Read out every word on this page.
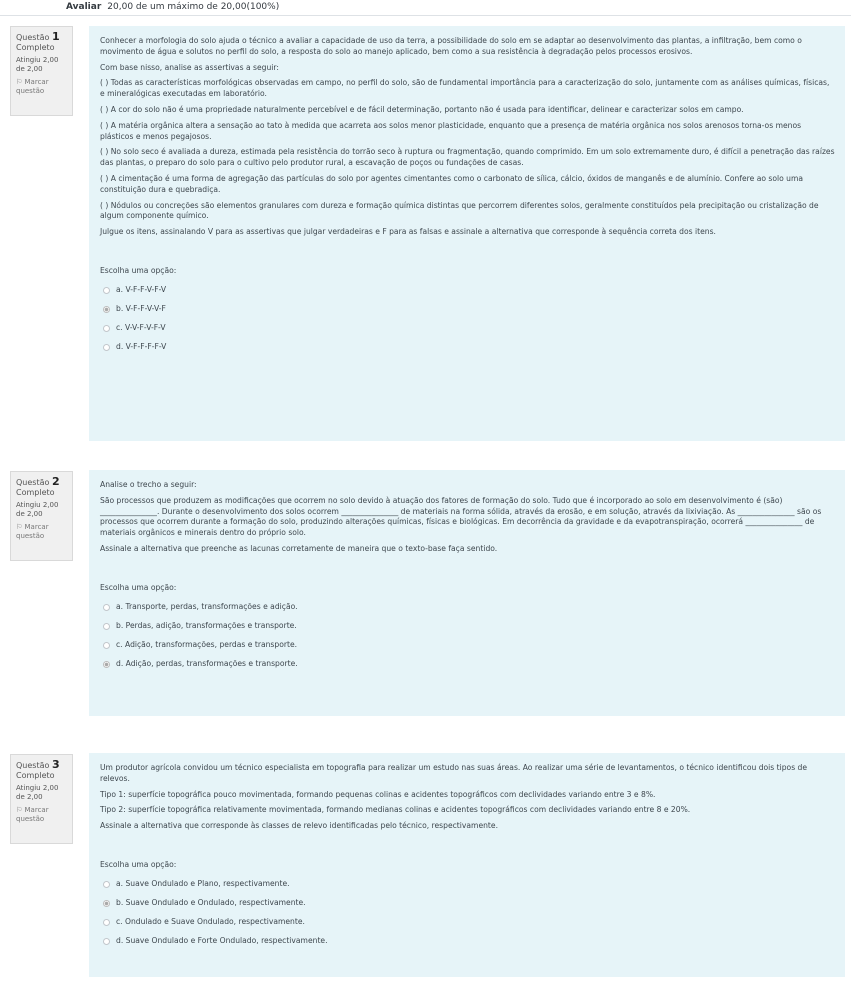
Avaliar 20,00 de um máximo de 20,00(100%)
Questão 1
Completo
Atingiu 2,00 de 2,00
⚐ Marcar questão

Conhecer a morfologia do solo ajuda o técnico a avaliar a capacidade de uso da terra, a possibilidade do solo em se adaptar ao desenvolvimento das plantas, a infiltração, bem como o movimento de água e solutos no perfil do solo, a resposta do solo ao manejo aplicado, bem como a sua resistência à degradação pelos processos erosivos.

Com base nisso, analise as assertivas a seguir:

( ) Todas as características morfológicas observadas em campo, no perfil do solo, são de fundamental importância para a caracterização do solo, juntamente com as análises químicas, físicas, e mineralógicas executadas em laboratório.

( ) A cor do solo não é uma propriedade naturalmente percebível e de fácil determinação, portanto não é usada para identificar, delinear e caracterizar solos em campo.

( ) A matéria orgânica altera a sensação ao tato à medida que acarreta aos solos menor plasticidade, enquanto que a presença de matéria orgânica nos solos arenosos torna-os menos plásticos e menos pegajosos.

( ) No solo seco é avaliada a dureza, estimada pela resistência do torrão seco à ruptura ou fragmentação, quando comprimido. Em um solo extremamente duro, é difícil a penetração das raízes das plantas, o preparo do solo para o cultivo pelo produtor rural, a escavação de poços ou fundações de casas.

( ) A cimentação é uma forma de agregação das partículas do solo por agentes cimentantes como o carbonato de sílica, cálcio, óxidos de manganês e de alumínio. Confere ao solo uma constituição dura e quebradiça.

( ) Nódulos ou concreções são elementos granulares com dureza e formação química distintas que percorrem diferentes solos, geralmente constituídos pela precipitação ou cristalização de algum componente químico.

Julgue os itens, assinalando V para as assertivas que julgar verdadeiras e F para as falsas e assinale a alternativa que corresponde à sequência correta dos itens.

Escolha uma opção:
a. V-F-F-V-F-V
b. V-F-F-V-V-F
c. V-V-F-V-F-V
d. V-F-F-F-F-V
Questão 2
Completo
Atingiu 2,00 de 2,00
⚐ Marcar questão

Analise o trecho a seguir:

São processos que produzem as modificações que ocorrem no solo devido à atuação dos fatores de formação do solo. Tudo que é incorporado ao solo em desenvolvimento é (são) _______________. Durante o desenvolvimento dos solos ocorrem _______________ de materiais na forma sólida, através da erosão, e em solução, através da lixiviação. As _______________ são os processos que ocorrem durante a formação do solo, produzindo alterações químicas, físicas e biológicas. Em decorrência da gravidade e da evapotranspiração, ocorrerá _______________ de materiais orgânicos e minerais dentro do próprio solo.

Assinale a alternativa que preenche as lacunas corretamente de maneira que o texto-base faça sentido.

Escolha uma opção:
a. Transporte, perdas, transformações e adição.
b. Perdas, adição, transformações e transporte.
c. Adição, transformações, perdas e transporte.
d. Adição, perdas, transformações e transporte.
Questão 3
Completo
Atingiu 2,00 de 2,00
⚐ Marcar questão

Um produtor agrícola convidou um técnico especialista em topografia para realizar um estudo nas suas áreas. Ao realizar uma série de levantamentos, o técnico identificou dois tipos de relevos.

Tipo 1: superfície topográfica pouco movimentada, formando pequenas colinas e acidentes topográficos com declividades variando entre 3 e 8%.

Tipo 2: superfície topográfica relativamente movimentada, formando medianas colinas e acidentes topográficos com declividades variando entre 8 e 20%.

Assinale a alternativa que corresponde às classes de relevo identificadas pelo técnico, respectivamente.

Escolha uma opção:
a. Suave Ondulado e Plano, respectivamente.
b. Suave Ondulado e Ondulado, respectivamente.
c. Ondulado e Suave Ondulado, respectivamente.
d. Suave Ondulado e Forte Ondulado, respectivamente.
